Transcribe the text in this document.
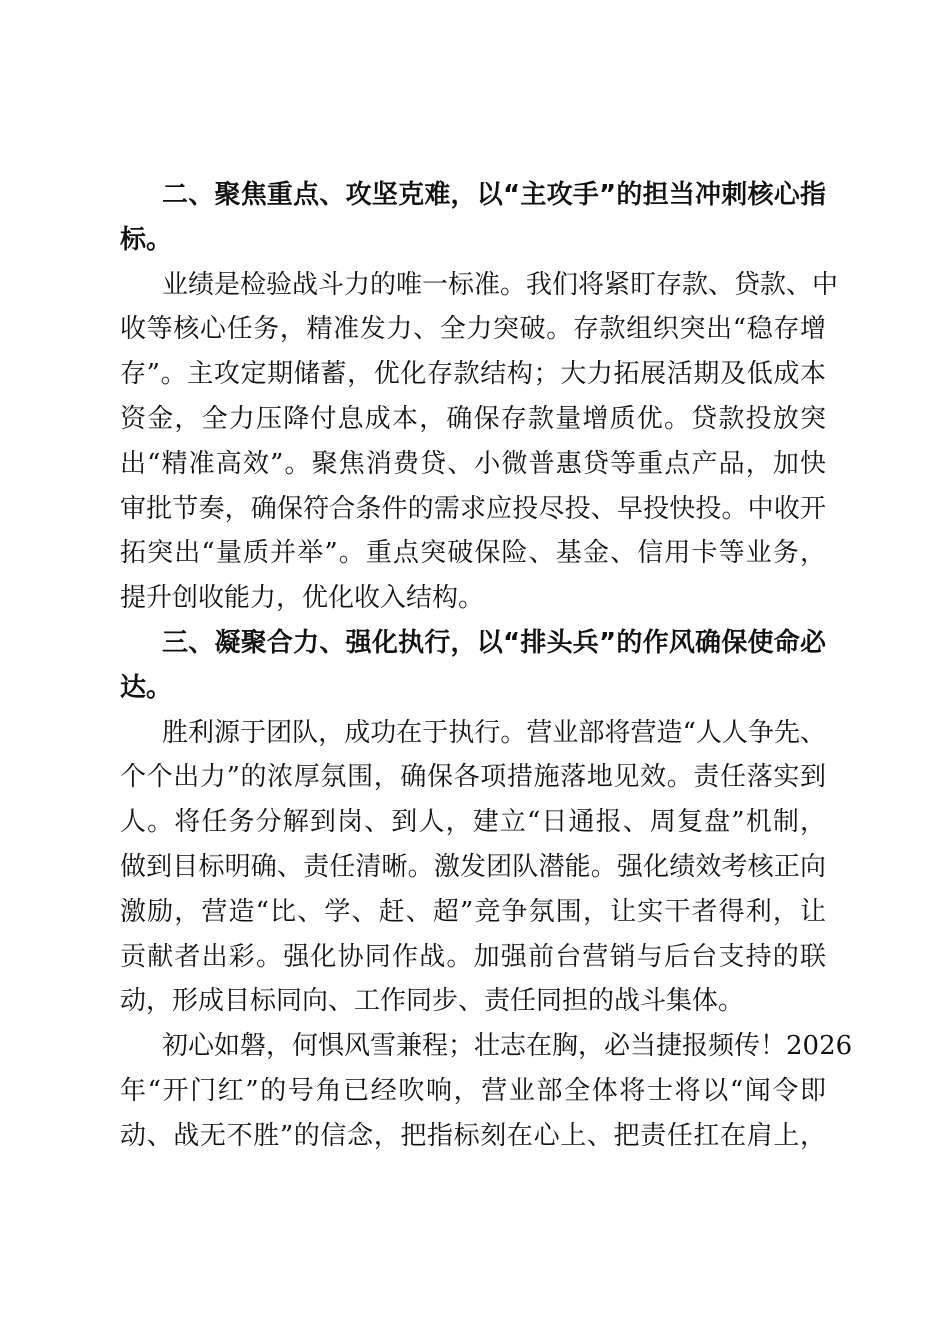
二、聚焦重点、攻坚克难，以“主攻手”的担当冲刺核心指
标。
业绩是检验战斗力的唯一标准。我们将紧盯存款、贷款、中
收等核心任务，精准发力、全力突破。存款组织突出“稳存增
存”。主攻定期储蓄，优化存款结构；大力拓展活期及低成本
资金，全力压降付息成本，确保存款量增质优。贷款投放突
出“精准高效”。聚焦消费贷、小微普惠贷等重点产品，加快
审批节奏，确保符合条件的需求应投尽投、早投快投。中收开
拓突出“量质并举”。重点突破保险、基金、信用卡等业务，
提升创收能力，优化收入结构。
三、凝聚合力、强化执行，以“排头兵”的作风确保使命必
达。
胜利源于团队，成功在于执行。营业部将营造“人人争先、
个个出力”的浓厚氛围，确保各项措施落地见效。责任落实到
人。将任务分解到岗、到人，建立“日通报、周复盘”机制，
做到目标明确、责任清晰。激发团队潜能。强化绩效考核正向
激励，营造“比、学、赶、超”竞争氛围，让实干者得利，让
贡献者出彩。强化协同作战。加强前台营销与后台支持的联
动，形成目标同向、工作同步、责任同担的战斗集体。
初心如磐，何惧风雪兼程；壮志在胸，必当捷报频传！2026
年“开门红”的号角已经吹响，营业部全体将士将以“闻令即
动、战无不胜”的信念，把指标刻在心上、把责任扛在肩上，
